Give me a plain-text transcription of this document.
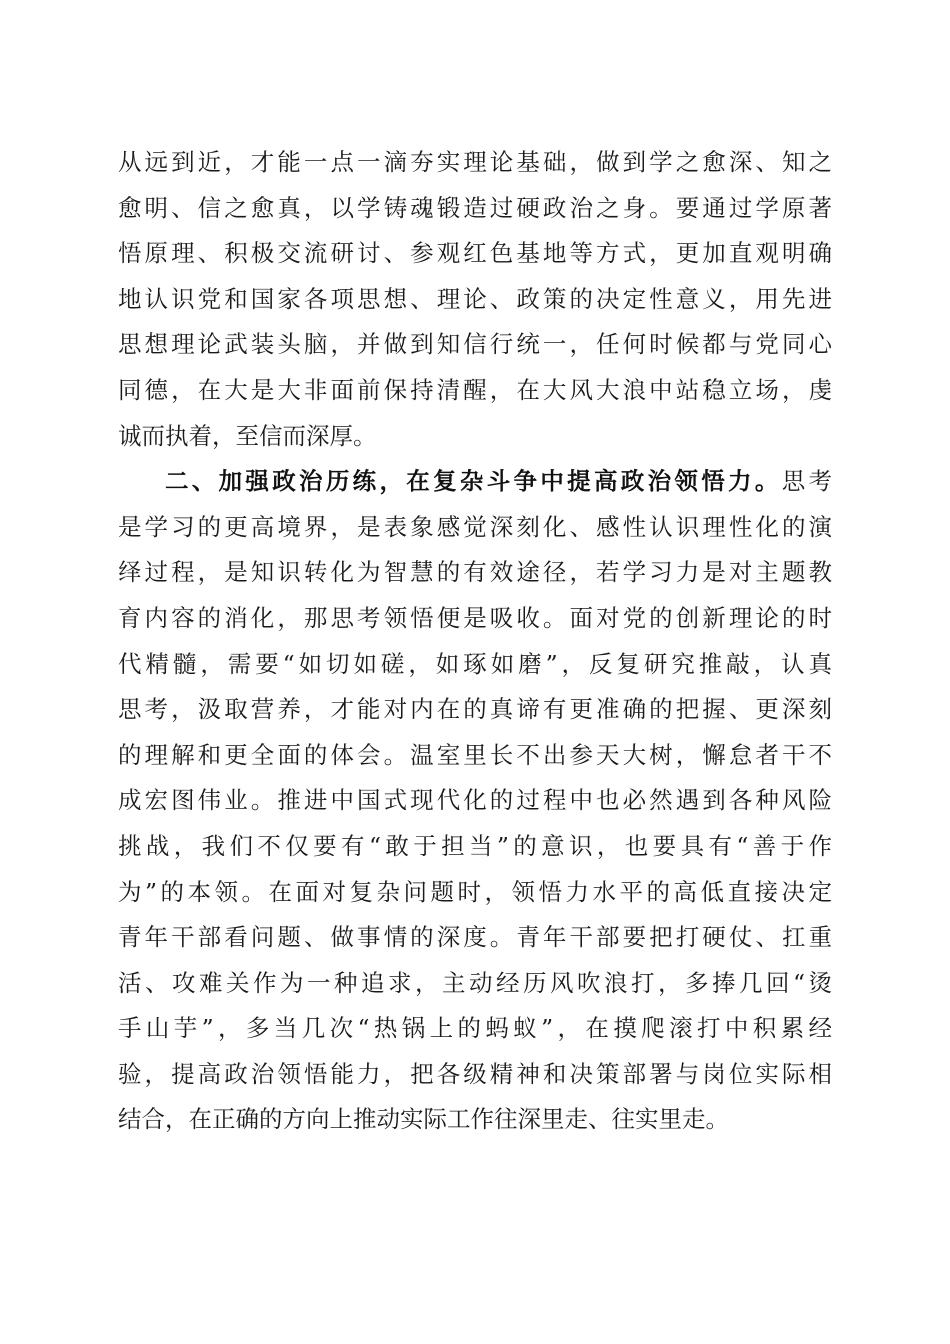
从远到近，才能一点一滴夯实理论基础，做到学之愈深、知之
愈明、信之愈真，以学铸魂锻造过硬政治之身。要通过学原著
悟原理、积极交流研讨、参观红色基地等方式，更加直观明确
地认识党和国家各项思想、理论、政策的决定性意义，用先进
思想理论武装头脑，并做到知信行统一，任何时候都与党同心
同德，在大是大非面前保持清醒，在大风大浪中站稳立场，虔
诚而执着，至信而深厚。
二、加强政治历练，在复杂斗争中提高政治领悟力。思考
是学习的更高境界，是表象感觉深刻化、感性认识理性化的演
绎过程，是知识转化为智慧的有效途径，若学习力是对主题教
育内容的消化，那思考领悟便是吸收。面对党的创新理论的时
代精髓，需要“如切如磋，如琢如磨”，反复研究推敲，认真
思考，汲取营养，才能对内在的真谛有更准确的把握、更深刻
的理解和更全面的体会。温室里长不出参天大树，懈怠者干不
成宏图伟业。推进中国式现代化的过程中也必然遇到各种风险
挑战，我们不仅要有“敢于担当”的意识，也要具有“善于作
为”的本领。在面对复杂问题时，领悟力水平的高低直接决定
青年干部看问题、做事情的深度。青年干部要把打硬仗、扛重
活、攻难关作为一种追求，主动经历风吹浪打，多捧几回“烫
手山芋”，多当几次“热锅上的蚂蚁”，在摸爬滚打中积累经
验，提高政治领悟能力，把各级精神和决策部署与岗位实际相
结合，在正确的方向上推动实际工作往深里走、往实里走。
